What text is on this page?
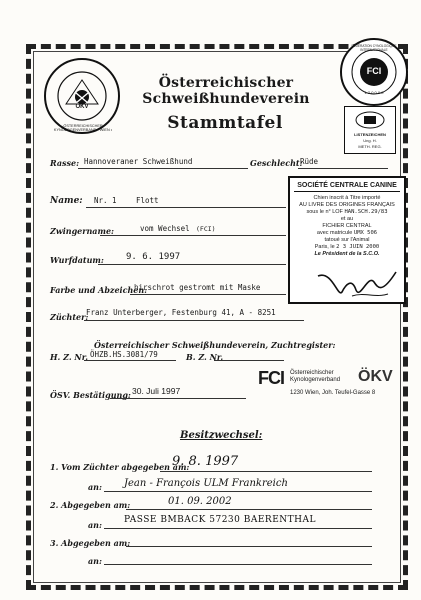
ÖSTERREICHISCHER KYNOLOGENVERBAND • WIEN •
ÖKV
Österreichischer Schweißhundeverein
Stammtafel
FCI
FÉDÉRATION CYNOLOGIQUE INTERNATIONALE
1 2 0 0 0 0
LISTENZEICHEN
Ung. H.
METH. REG.
Rasse: Hannoveraner Schweißhund	Geschlecht:
Rüde
Name: Nr. 1	Flott
Zwingername:	vom Wechsel (FCI)
Wurfdatum: 9. 6. 1997
Farbe und Abzeichen:
hirschrot gestromt mit Maske
Züchter:
Franz Unterberger, Festenburg 41, A - 8251
SOCIÉTÉ CENTRALE CANINE
Chien inscrit à Titre importé
AU LIVRE DES ORIGINES FRANÇAIS
sous le n° LOF HAN.SCH.29/83
et au
FICHIER CENTRAL
avec matricule UMX 506
tatoué sur l'Animal
Paris, le 2 3 JUIN 2000
Le Président de la S.C.O.
Österreichischer Schweißhundeverein, Zuchtregister:
H. Z. Nr. ÖHZB.HS.3081/79	B. Z. Nr.
ÖSV. Bestätigung: 30. Juli 1997
FCI Österreichischer
Kynologenverband ÖKV
1230 Wien, Joh. Teufel-Gasse 8
Besitzwechsel:
1. Vom Züchter abgegeben am:
9. 8. 1997
an: Jean - François ULM Frankreich
2. Abgegeben am:	01. 09. 2002
an: PASSE BMBACK 57230 BAERENTHAL
3. Abgegeben am:
an:
